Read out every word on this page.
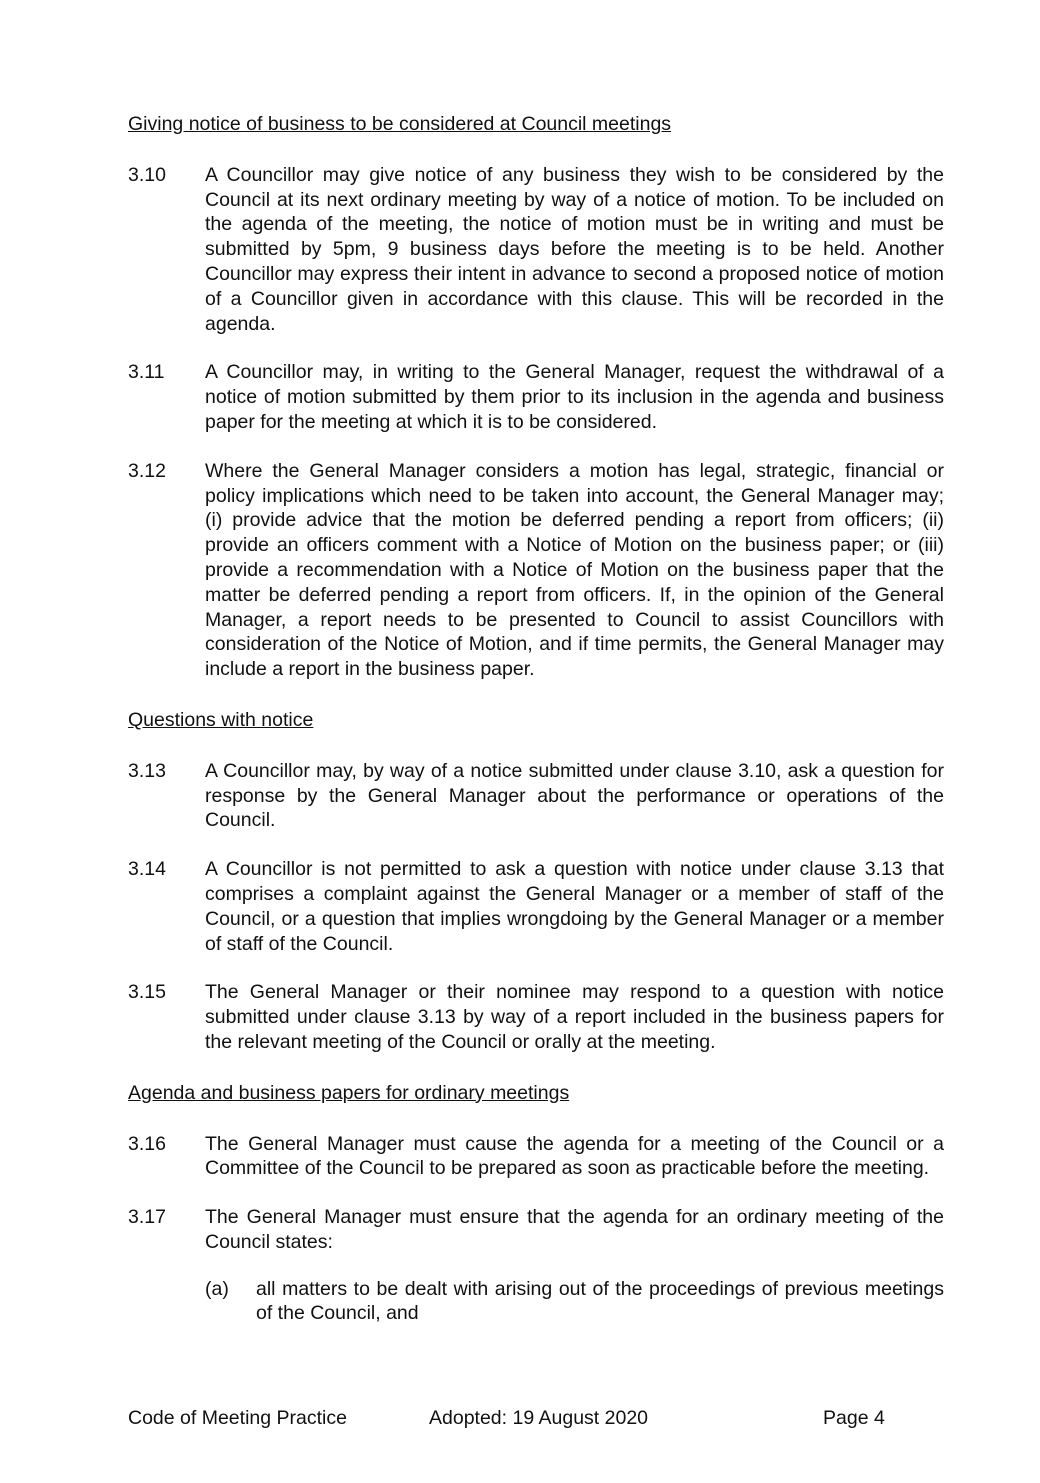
Giving notice of business to be considered at Council meetings
3.10	A Councillor may give notice of any business they wish to be considered by the Council at its next ordinary meeting by way of a notice of motion. To be included on the agenda of the meeting, the notice of motion must be in writing and must be submitted by 5pm, 9 business days before the meeting is to be held. Another Councillor may express their intent in advance to second a proposed notice of motion of a Councillor given in accordance with this clause. This will be recorded in the agenda.
3.11	A Councillor may, in writing to the General Manager, request the withdrawal of a notice of motion submitted by them prior to its inclusion in the agenda and business paper for the meeting at which it is to be considered.
3.12	Where the General Manager considers a motion has legal, strategic, financial or policy implications which need to be taken into account, the General Manager may; (i) provide advice that the motion be deferred pending a report from officers; (ii) provide an officers comment with a Notice of Motion on the business paper; or (iii) provide a recommendation with a Notice of Motion on the business paper that the matter be deferred pending a report from officers. If, in the opinion of the General Manager, a report needs to be presented to Council to assist Councillors with consideration of the Notice of Motion, and if time permits, the General Manager may include a report in the business paper.
Questions with notice
3.13	A Councillor may, by way of a notice submitted under clause 3.10, ask a question for response by the General Manager about the performance or operations of the Council.
3.14	A Councillor is not permitted to ask a question with notice under clause 3.13 that comprises a complaint against the General Manager or a member of staff of the Council, or a question that implies wrongdoing by the General Manager or a member of staff of the Council.
3.15	The General Manager or their nominee may respond to a question with notice submitted under clause 3.13 by way of a report included in the business papers for the relevant meeting of the Council or orally at the meeting.
Agenda and business papers for ordinary meetings
3.16	The General Manager must cause the agenda for a meeting of the Council or a Committee of the Council to be prepared as soon as practicable before the meeting.
3.17	The General Manager must ensure that the agenda for an ordinary meeting of the Council states:
(a)	all matters to be dealt with arising out of the proceedings of previous meetings of the Council, and
Code of Meeting Practice	Adopted: 19 August 2020	Page 4
